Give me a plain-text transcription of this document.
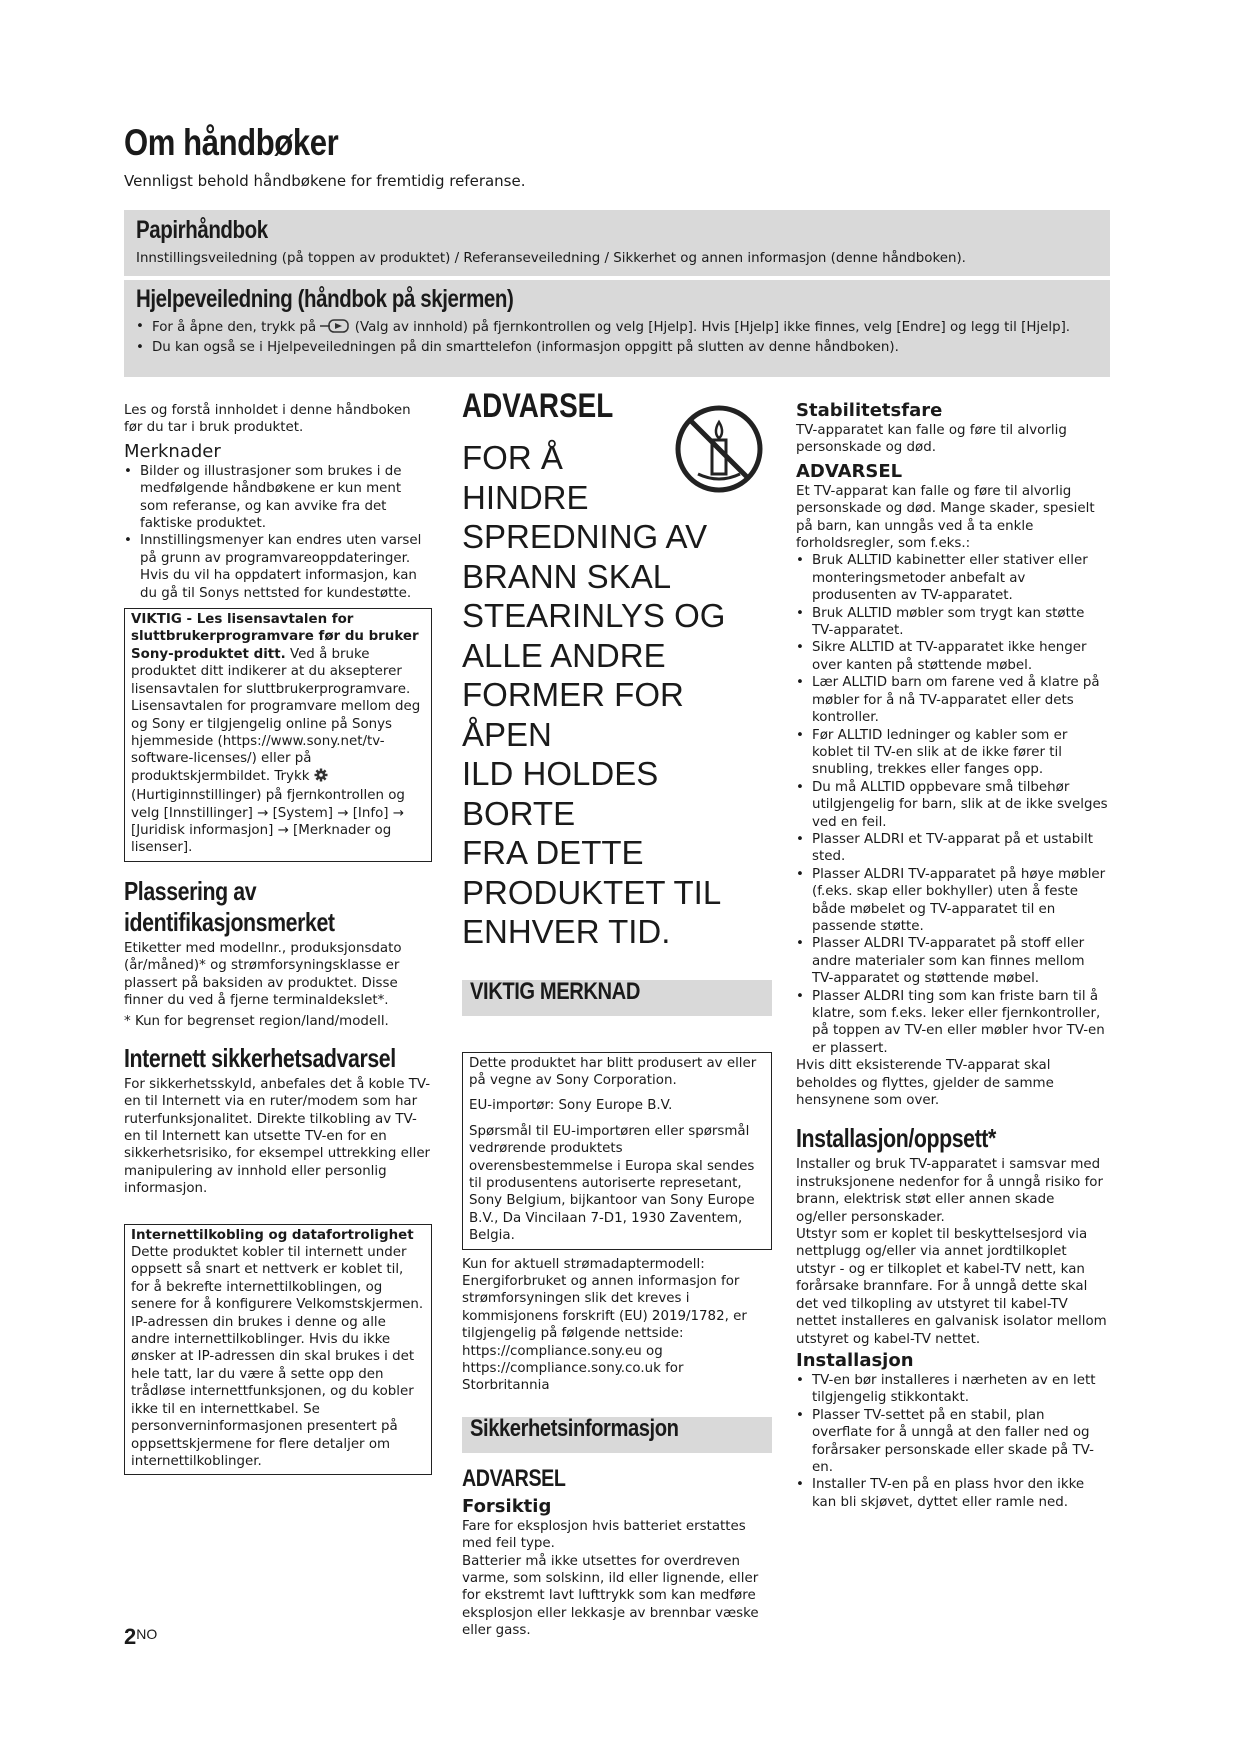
Om håndbøker
Vennligst behold håndbøkene for fremtidig referanse.
Papirhåndbok
Innstillingsveiledning (på toppen av produktet) / Referanseveiledning / Sikkerhet og annen informasjon (denne håndboken).
Hjelpeveiledning (håndbok på skjermen)
• For å åpne den, trykk på	(Valg av innhold) på fjernkontrollen og velg [Hjelp]. Hvis [Hjelp] ikke finnes, velg [Endre] og legg til [Hjelp].
• Du kan også se i Hjelpeveiledningen på din smarttelefon (informasjon oppgitt på slutten av denne håndboken).

Les og forstå innholdet i denne håndboken før du tar i bruk produktet.

Merknader
• Bilder og illustrasjoner som brukes i de medfølgende håndbøkene er kun ment som referanse, og kan avvike fra det faktiske produktet.
• Innstillingsmenyer kan endres uten varsel på grunn av programvareoppdateringer.

Hvis du vil ha oppdatert informasjon, kan du gå til Sonys nettsted for kundestøtte.

VIKTIG - Les lisensavtalen for sluttbrukerprogramvare før du bruker Sony-produktet ditt. Ved å bruke produktet ditt indikerer at du aksepterer lisensavtalen for sluttbrukerprogramvare. Lisensavtalen for programvare mellom deg og Sony er tilgjengelig online på Sonys hjemmeside (https://www.sony.net/tv-software-licenses/) eller på produktskjermbildet. Trykk  (Hurtiginnstillinger) på fjernkontrollen og velg [Innstillinger] → [System] → [Info] → [Juridisk informasjon] → [Merknader og lisenser].
Plassering av identifikasjonsmerket

Etiketter med modellnr., produksjonsdato (år/måned)* og strømforsyningsklasse er plassert på baksiden av produktet. Disse finner du ved å fjerne terminaldekslet*.

* Kun for begrenset region/land/modell.

Internett sikkerhetsadvarsel

For sikkerhetsskyld, anbefales det å koble TV-en til Internett via en ruter/modem som har ruterfunksjonalitet. Direkte tilkobling av TV-en til Internett kan utsette TV-en for en sikkerhetsrisiko, for eksempel uttrekking eller manipulering av innhold eller personlig informasjon.

Internettilkobling og datafortrolighet
Dette produktet kobler til internett under oppsett så snart et nettverk er koblet til, for å bekrefte internettilkoblingen, og senere for å konfigurere Velkomstskjermen. IP-adressen din brukes i denne og alle andre internettilkoblinger. Hvis du ikke ønsker at IP-adressen din skal brukes i det hele tatt, lar du være å sette opp den trådløse internettfunksjonen, og du kobler ikke til en internettkabel. Se personverninformasjonen presentert på oppsettskjermene for flere detaljer om internettilkoblinger.
ADVARSEL
FOR Å
HINDRE
SPREDNING AV
BRANN SKAL
STEARINLYS OG
ALLE ANDRE
FORMER FOR ÅPEN
ILD HOLDES BORTE
FRA DETTE
PRODUKTET TIL
ENHVER TID.
VIKTIG MERKNAD

Dette produktet har blitt produsert av eller på vegne av Sony Corporation.

EU-importør: Sony Europe B.V.

Spørsmål til EU-importøren eller spørsmål vedrørende produktets overensbestemmelse i Europa skal sendes til produsentens autoriserte represetant, Sony Belgium, bijkantoor van Sony Europe B.V., Da Vincilaan 7-D1, 1930 Zaventem, Belgia.

Kun for aktuell strømadaptermodell: Energiforbruket og annen informasjon for strømforsyningen slik det kreves i kommisjonens forskrift (EU) 2019/1782, er tilgjengelig på følgende nettside: https://compliance.sony.eu og https://compliance.sony.co.uk for Storbritannia

Sikkerhetsinformasjon
ADVARSEL
Forsiktig

Fare for eksplosjon hvis batteriet erstattes med feil type.

Batterier må ikke utsettes for overdreven varme, som solskinn, ild eller lignende, eller for ekstremt lavt lufttrykk som kan medføre eksplosjon eller lekkasje av brennbar væske eller gass.

Stabilitetsfare

TV-apparatet kan falle og føre til alvorlig personskade og død.

ADVARSEL

Et TV-apparat kan falle og føre til alvorlig personskade og død. Mange skader, spesielt på barn, kan unngås ved å ta enkle forholdsregler, som f.eks.:

• Bruk ALLTID kabinetter eller stativer eller monteringsmetoder anbefalt av produsenten av TV-apparatet.
• Bruk ALLTID møbler som trygt kan støtte TV-apparatet.
• Sikre ALLTID at TV-apparatet ikke henger over kanten på støttende møbel.
• Lær ALLTID barn om farene ved å klatre på møbler for å nå TV-apparatet eller dets kontroller.
• Før ALLTID ledninger og kabler som er koblet til TV-en slik at de ikke fører til snubling, trekkes eller fanges opp.
• Du må ALLTID oppbevare små tilbehør utilgjengelig for barn, slik at de ikke svelges ved en feil.
• Plasser ALDRI et TV-apparat på et ustabilt sted.
• Plasser ALDRI TV-apparatet på høye møbler (f.eks. skap eller bokhyller) uten å feste både møbelet og TV-apparatet til en passende støtte.
• Plasser ALDRI TV-apparatet på stoff eller andre materialer som kan finnes mellom TV-apparatet og støttende møbel.
• Plasser ALDRI ting som kan friste barn til å klatre, som f.eks. leker eller fjernkontroller, på toppen av TV-en eller møbler hvor TV-en er plassert.

Hvis ditt eksisterende TV-apparat skal beholdes og flyttes, gjelder de samme hensynene som over.

Installasjon/oppsett*

Installer og bruk TV-apparatet i samsvar med instruksjonene nedenfor for å unngå risiko for brann, elektrisk støt eller annen skade og/eller personskader.

Utstyr som er koplet til beskyttelsesjord via nettplugg og/eller via annet jordtilkoplet utstyr - og er tilkoplet et kabel-TV nett, kan forårsake brannfare. For å unngå dette skal det ved tilkopling av utstyret til kabel-TV nettet installeres en galvanisk isolator mellom utstyret og kabel-TV nettet.

Installasjon
• TV-en bør installeres i nærheten av en lett tilgjengelig stikkontakt.
• Plasser TV-settet på en stabil, plan overflate for å unngå at den faller ned og forårsaker personskade eller skade på TV-en.
• Installer TV-en på en plass hvor den ikke kan bli skjøvet, dyttet eller ramle ned.
$2^{NO}$
